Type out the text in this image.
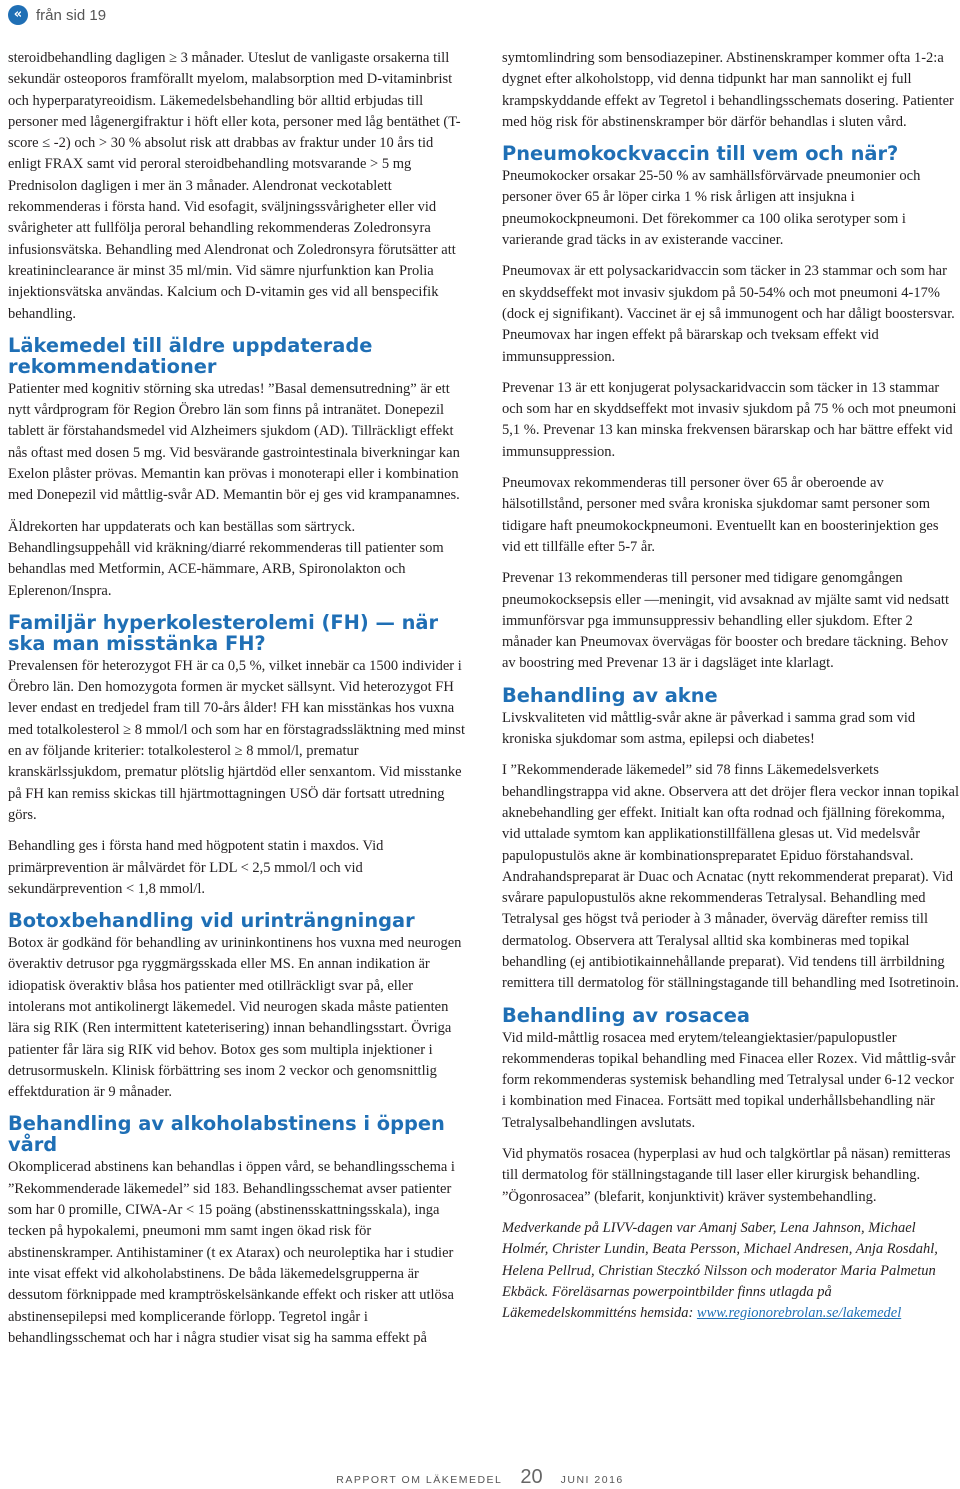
« från sid 19

steroidbehandling dagligen ≥ 3 månader. Uteslut de vanligaste orsakerna till sekundär osteoporos framförallt myelom, malabsorption med D-vitaminbrist och hyperparatyreoidism. Läkemedelsbehandling bör alltid erbjudas till personer med lågenergifraktur i höft eller kota, personer med låg bentäthet (T-score ≤ -2) och > 30 % absolut risk att drabbas av fraktur under 10 års tid enligt FRAX samt vid peroral steroidbehandling motsvarande > 5 mg Prednisolon dagligen i mer än 3 månader. Alendronat veckotablett rekommenderas i första hand. Vid esofagit, sväljningssvårigheter eller vid svårigheter att fullfölja peroral behandling rekommenderas Zoledronsyra infusionsvätska. Behandling med Alendronat och Zoledronsyra förutsätter att kreatininclearance är minst 35 ml/min. Vid sämre njurfunktion kan Prolia injektionsvätska användas. Kalcium och D-vitamin ges vid all benspecifik behandling.

Läkemedel till äldre uppdaterade rekommendationer

Patienter med kognitiv störning ska utredas! ”Basal demensutredning” är ett nytt vårdprogram för Region Örebro län som finns på intranätet. Donepezil tablett är förstahandsmedel vid Alzheimers sjukdom (AD). Tillräckligt effekt nås oftast med dosen 5 mg. Vid besvärande gastrointestinala biverkningar kan Exelon plåster prövas. Memantin kan prövas i monoterapi eller i kombination med Donepezil vid måttlig-svår AD. Memantin bör ej ges vid krampanamnes.

Äldrekorten har uppdaterats och kan beställas som särtryck. Behandlingsuppehåll vid kräkning/diarré rekommenderas till patienter som behandlas med Metformin, ACE-hämmare, ARB, Spironolakton och Eplerenon/Inspra.

Familjär hyperkolesterolemi (FH) — när ska man misstänka FH?

Prevalensen för heterozygot FH är ca 0,5 %, vilket innebär ca 1500 individer i Örebro län. Den homozygota formen är mycket sällsynt. Vid heterozygot FH lever endast en tredjedel fram till 70-års ålder! FH kan misstänkas hos vuxna med totalkolesterol ≥ 8 mmol/l och som har en förstagradssläktning med minst en av följande kriterier: totalkolesterol ≥ 8 mmol/l, prematur kranskärlssjukdom, prematur plötslig hjärtdöd eller senxantom. Vid misstanke på FH kan remiss skickas till hjärtmottagningen USÖ där fortsatt utredning görs.

Behandling ges i första hand med högpotent statin i maxdos. Vid primärprevention är målvärdet för LDL < 2,5 mmol/l och vid sekundärprevention < 1,8 mmol/l.

Botoxbehandling vid urinträngningar

Botox är godkänd för behandling av urininkontinens hos vuxna med neurogen överaktiv detrusor pga ryggmärgsskada eller MS. En annan indikation är idiopatisk överaktiv blåsa hos patienter med otillräckligt svar på, eller intolerans mot antikolinergt läkemedel. Vid neurogen skada måste patienten lära sig RIK (Ren intermittent kateterisering) innan behandlingsstart. Övriga patienter får lära sig RIK vid behov. Botox ges som multipla injektioner i detrusormuskeln. Klinisk förbättring ses inom 2 veckor och genomsnittlig effektduration är 9 månader.

Behandling av alkoholabstinens i öppen vård

Okomplicerad abstinens kan behandlas i öppen vård, se behandlingsschema i ”Rekommenderade läkemedel” sid 183. Behandlingsschemat avser patienter som har 0 promille, CIWA-Ar < 15 poäng (abstinensskattningsskala), inga tecken på hypokalemi, pneumoni mm samt ingen ökad risk för abstinenskramper. Antihistaminer (t ex Atarax) och neuroleptika har i studier inte visat effekt vid alkoholabstinens. De båda läkemedelsgrupperna är dessutom förknippade med kramptröskelsänkande effekt och risker att utlösa abstinensepilepsi med komplicerande förlopp. Tegretol ingår i behandlingsschemat och har i några studier visat sig ha samma effekt på

symtomlindring som bensodiazepiner. Abstinenskramper kommer ofta 1-2:a dygnet efter alkoholstopp, vid denna tidpunkt har man sannolikt ej full krampskyddande effekt av Tegretol i behandlingsschemats dosering. Patienter med hög risk för abstinenskramper bör därför behandlas i sluten vård.

Pneumokockvaccin till vem och när?

Pneumokocker orsakar 25-50 % av samhällsförvärvade pneumonier och personer över 65 år löper cirka 1 % risk årligen att insjukna i pneumokockpneumoni. Det förekommer ca 100 olika serotyper som i varierande grad täcks in av existerande vacciner.

Pneumovax är ett polysackaridvaccin som täcker in 23 stammar och som har en skyddseffekt mot invasiv sjukdom på 50-54% och mot pneumoni 4-17% (dock ej signifikant). Vaccinet är ej så immunogent och har dåligt boostersvar. Pneumovax har ingen effekt på bärarskap och tveksam effekt vid immunsuppression.

Prevenar 13 är ett konjugerat polysackaridvaccin som täcker in 13 stammar och som har en skyddseffekt mot invasiv sjukdom på 75 % och mot pneumoni 5,1 %. Prevenar 13 kan minska frekvensen bärarskap och har bättre effekt vid immunsuppression.

Pneumovax rekommenderas till personer över 65 år oberoende av hälsotillstånd, personer med svåra kroniska sjukdomar samt personer som tidigare haft pneumokockpneumoni. Eventuellt kan en boosterinjektion ges vid ett tillfälle efter 5-7 år.

Prevenar 13 rekommenderas till personer med tidigare genomgången pneumokocksepsis eller —meningit, vid avsaknad av mjälte samt vid nedsatt immunförsvar pga immunsuppressiv behandling eller sjukdom. Efter 2 månader kan Pneumovax övervägas för booster och bredare täckning. Behov av boostring med Prevenar 13 är i dagsläget inte klarlagt.

Behandling av akne

Livskvaliteten vid måttlig-svår akne är påverkad i samma grad som vid kroniska sjukdomar som astma, epilepsi och diabetes!

I ”Rekommenderade läkemedel” sid 78 finns Läkemedelsverkets behandlingstrappa vid akne. Observera att det dröjer flera veckor innan topikal aknebehandling ger effekt. Initialt kan ofta rodnad och fjällning förekomma, vid uttalade symtom kan applikationstillfällena glesas ut. Vid medelsvår papulopustulös akne är kombinationspreparatet Epiduo förstahandsval. Andrahandspreparat är Duac och Acnatac (nytt rekommenderat preparat). Vid svårare papulopustulös akne rekommenderas Tetralysal. Behandling med Tetralysal ges högst två perioder à 3 månader, överväg därefter remiss till dermatolog. Observera att Teralysal alltid ska kombineras med topikal behandling (ej antibiotikainnehållande preparat). Vid tendens till ärrbildning remittera till dermatolog för ställningstagande till behandling med Isotretinoin.

Behandling av rosacea

Vid mild-måttlig rosacea med erytem/teleangiektasier/papulopustler rekommenderas topikal behandling med Finacea eller Rozex. Vid måttlig-svår form rekommenderas systemisk behandling med Tetralysal under 6-12 veckor i kombination med Finacea. Fortsätt med topikal underhållsbehandling när Tetralysalbehandlingen avslutats.

Vid phymatös rosacea (hyperplasi av hud och talgkörtlar på näsan) remitteras till dermatolog för ställningstagande till laser eller kirurgisk behandling. ”Ögonrosacea” (blefarit, konjunktivit) kräver systembehandling.

Medverkande på LIVV-dagen var Amanj Saber, Lena Jahnson, Michael Holmér, Christer Lundin, Beata Persson, Michael Andresen, Anja Rosdahl, Helena Pellrud, Christian Steczkó Nilsson och moderator Maria Palmetun Ekbäck. Föreläsarnas powerpointbilder finns utlagda på Läkemedelskommitténs hemsida: www.regionorebrolan.se/lakemedel

RAPPORT OM LÄKEMEDEL 20 JUNI 2016
